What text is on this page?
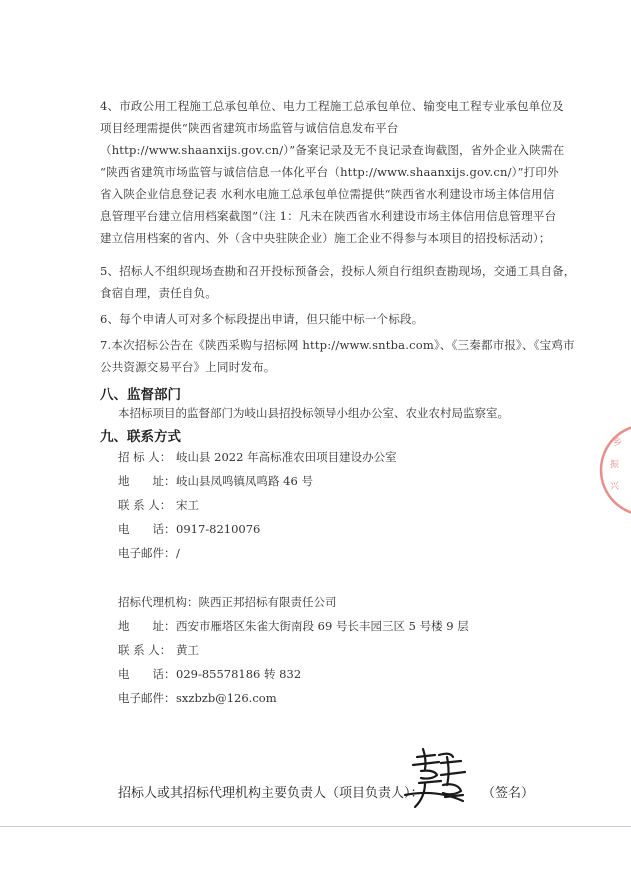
4、市政公用工程施工总承包单位、电力工程施工总承包单位、输变电工程专业承包单位及
项目经理需提供“陕西省建筑市场监管与诚信信息发布平台
（http://www.shaanxijs.gov.cn/）”备案记录及无不良记录查询截图，省外企业入陕需在
“陕西省建筑市场监管与诚信信息一体化平台（http://www.shaanxijs.gov.cn/）”打印外
省入陕企业信息登记表 水利水电施工总承包单位需提供“陕西省水利建设市场主体信用信
息管理平台建立信用档案截图”（注 1：凡未在陕西省水利建设市场主体信用信息管理平台
建立信用档案的省内、外（含中央驻陕企业）施工企业不得参与本项目的招投标活动）；
5、招标人不组织现场查勘和召开投标预备会，投标人须自行组织查勘现场，交通工具自备，
食宿自理，责任自负。
6、每个申请人可对多个标段提出申请，但只能中标一个标段。
7.本次招标公告在《陕西采购与招标网 http://www.sntba.com》、《三秦都市报》、《宝鸡市
公共资源交易平台》上同时发布。
八、监督部门
本招标项目的监督部门为岐山县招投标领导小组办公室、农业农村局监察室。
九、联系方式
招 标 人： 岐山县 2022 年高标准农田项目建设办公室
地　　址：岐山县凤鸣镇凤鸣路 46 号
联 系 人： 宋工
电　　话：0917-8210076
电子邮件：/
招标代理机构：陕西正邦招标有限责任公司
地　　址：西安市雁塔区朱雀大街南段 69 号长丰园三区 5 号楼 9 层
联 系 人： 黄工
电　　话：029-85578186 转 832
电子邮件：sxzbzb@126.com
招标人或其招标代理机构主要负责人（项目负责人）：	（签名）
乡
振
兴
